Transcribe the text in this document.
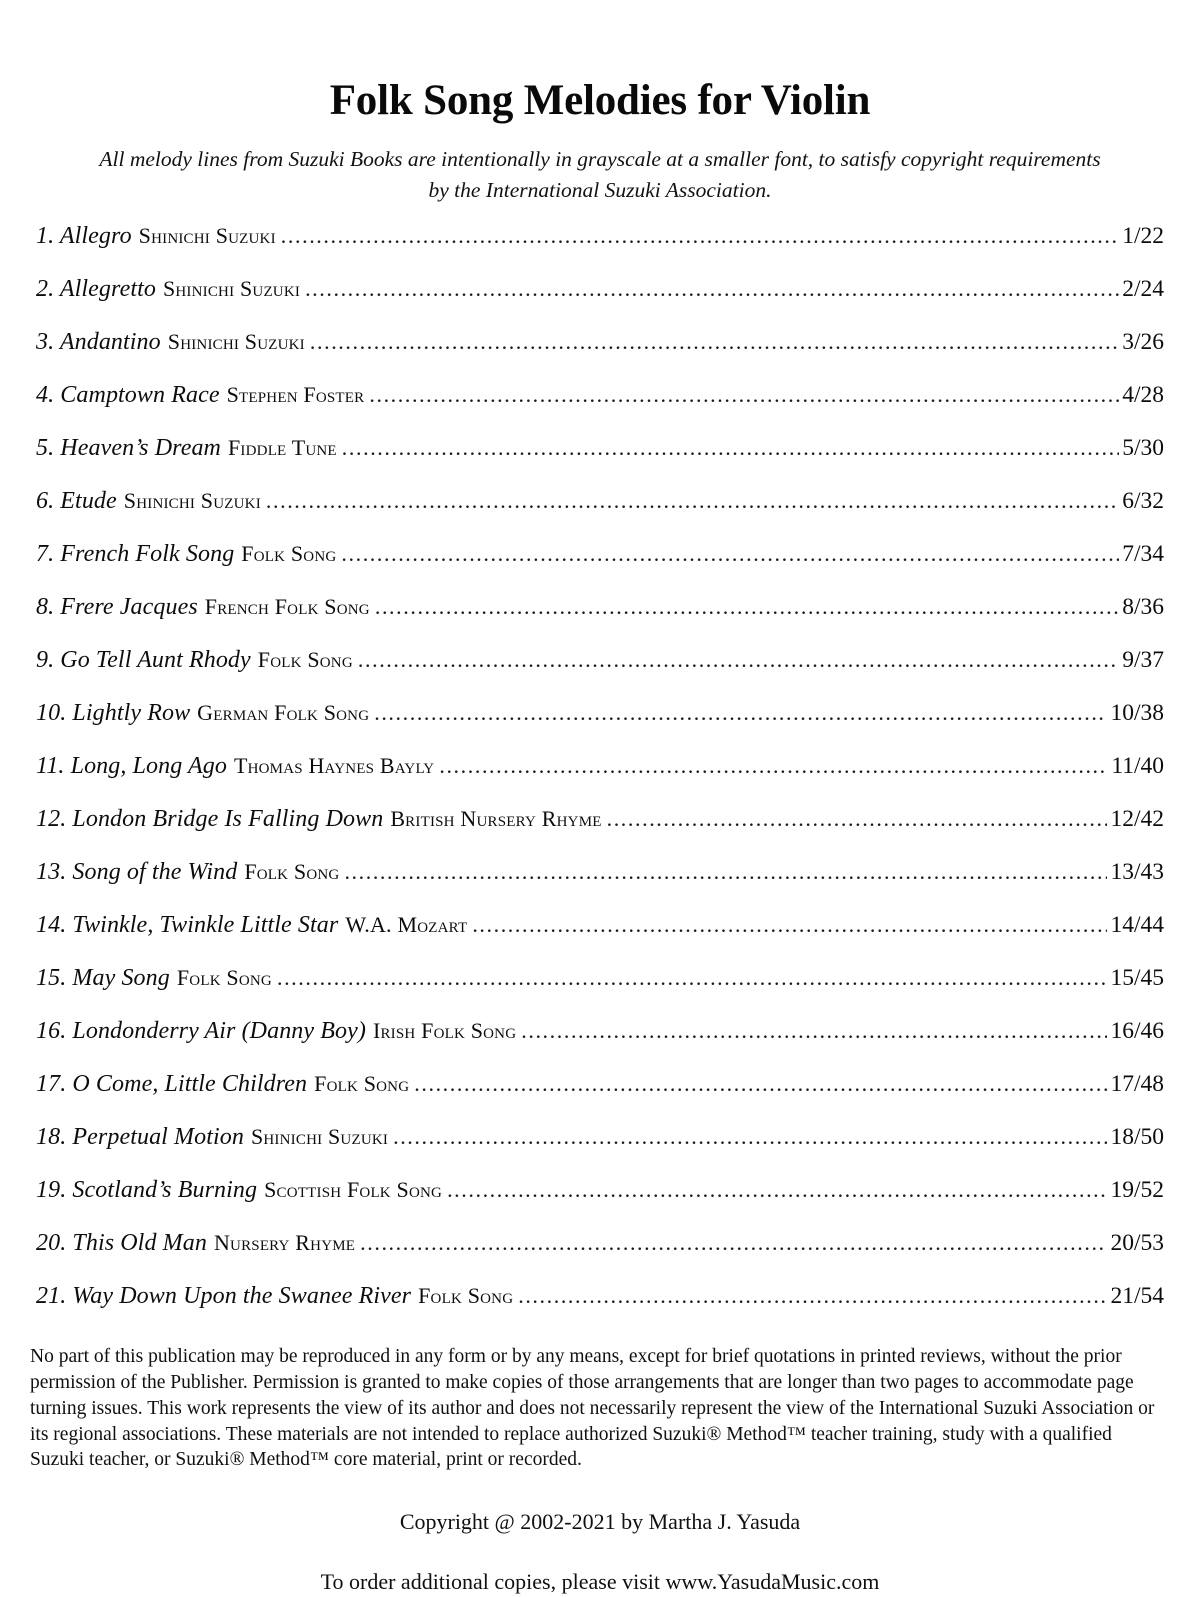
Folk Song Melodies for Violin

All melody lines from Suzuki Books are intentionally in grayscale at a smaller font, to satisfy copyright requirements by the International Suzuki Association.

1. Allegro Shinichi Suzuki .....	1/22
2. Allegretto Shinichi Suzuki .....	2/24
3. Andantino Shinichi Suzuki .....	3/26
4. Camptown Race Stephen Foster .....	4/28
5. Heaven’s Dream Fiddle Tune .....	5/30
6. Etude Shinichi Suzuki .....	6/32
7. French Folk Song Folk Song .....	7/34
8. Frere Jacques French Folk Song .....	8/36
9. Go Tell Aunt Rhody Folk Song .....	9/37
10. Lightly Row German Folk Song .....	10/38
11. Long, Long Ago Thomas Haynes Bayly .....	11/40
12. London Bridge Is Falling Down British Nursery Rhyme .....	12/42
13. Song of the Wind Folk Song .....	13/43
14. Twinkle, Twinkle Little Star W.A. Mozart .....	14/44
15. May Song Folk Song .....	15/45
16. Londonderry Air (Danny Boy) Irish Folk Song .....	16/46
17. O Come, Little Children Folk Song .....	17/48
18. Perpetual Motion Shinichi Suzuki .....	18/50
19. Scotland’s Burning Scottish Folk Song .....	19/52
20. This Old Man Nursery Rhyme .....	20/53
21. Way Down Upon the Swanee River Folk Song .....	21/54

No part of this publication may be reproduced in any form or by any means, except for brief quotations in printed reviews, without the prior permission of the Publisher. Permission is granted to make copies of those arrangements that are longer than two pages to accommodate page turning issues. This work represents the view of its author and does not necessarily represent the view of the International Suzuki Association or its regional associations. These materials are not intended to replace authorized Suzuki® Method™ teacher training, study with a qualified Suzuki teacher, or Suzuki® Method™ core material, print or recorded.

Copyright @ 2002-2021 by Martha J. Yasuda

To order additional copies, please visit www.YasudaMusic.com
